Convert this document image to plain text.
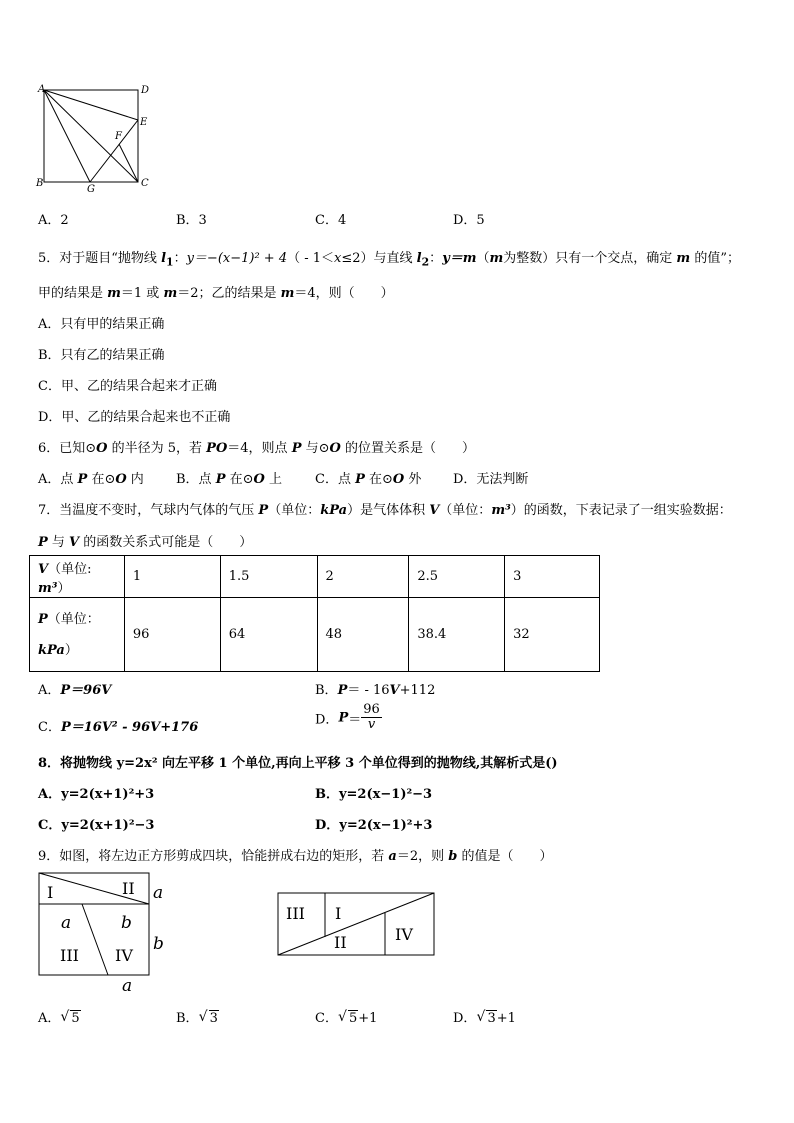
A	D
E
F
B
G
C
A．2	B．3	C．4	D．5
5．对于题目“抛物线 $l_1$：y＝−(x−1)² + 4（ - 1＜x≤2）与直线 $l_2$：y＝m（m为整数）只有一个交点，确定 m 的值”；
甲的结果是 m＝1 或 m＝2；乙的结果是 m＝4，则（　　）
A．只有甲的结果正确
B．只有乙的结果正确
C．甲、乙的结果合起来才正确
D．甲、乙的结果合起来也不正确
6．已知⊙O 的半径为 5，若 PO＝4，则点 P 与⊙O 的位置关系是（　　）
A．点 P 在⊙O 内 B．点 P 在⊙O 上	C．点 P 在⊙O 外 D．无法判断
7．当温度不变时，气球内气体的气压 P（单位：kPa）是气体体积 V（单位：m³）的函数，下表记录了一组实验数据：
P 与 V 的函数关系式可能是（　　）
V（单位: m³）	1	1.5	2	2.5	3
P（单位：
kPa）	96	64	48	38.4	32
A．P＝96V	B．P＝ - 16V+112
C．P＝16V² - 96V+176
D．$P= \frac{96}{v}$
8．将抛物线 y=2x² 向左平移 1 个单位,再向上平移 3 个单位得到的抛物线,其解析式是()
A．y=2(x+1)²+3	B．y=2(x−1)²−3
C．y=2(x+1)²−3	D．y=2(x−1)²+3
9．如图，将左边正方形剪成四块，恰能拼成右边的矩形，若 a＝2，则 b 的值是（　　）
I	II
III IV
a
b
a	b
a
III I
II	IV
A． √ 5	B． √ 3	C． √ 5+1	D． √ 3+1
